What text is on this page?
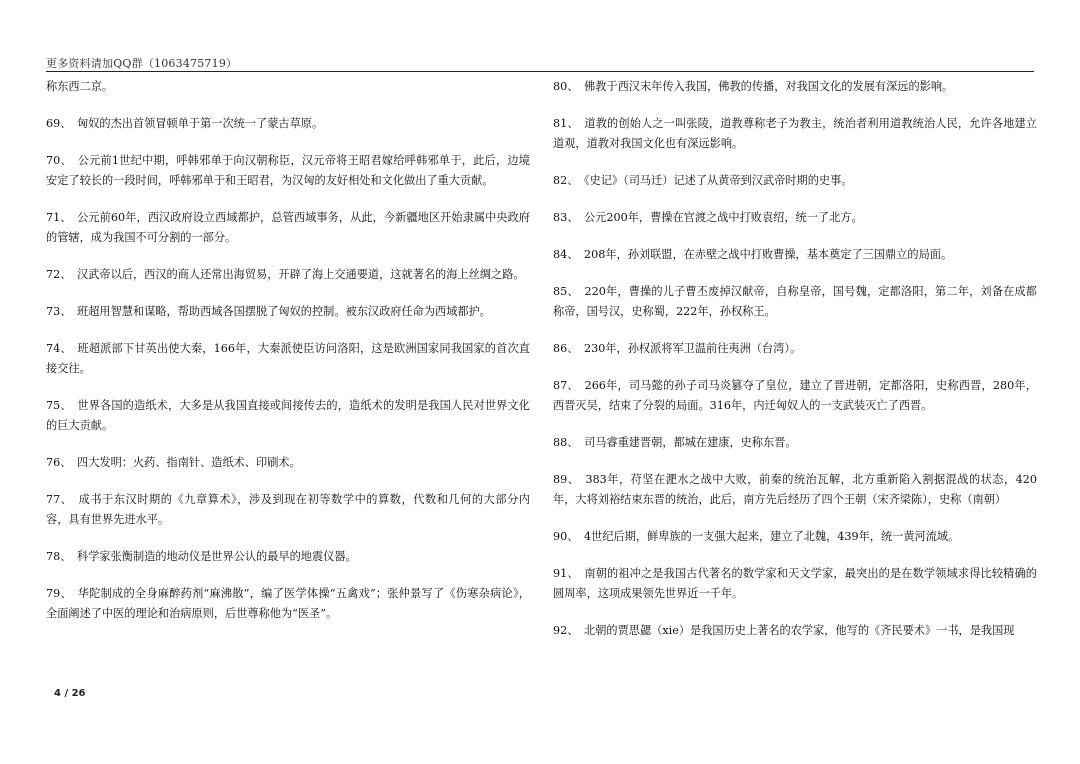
更多资料请加QQ群（1063475719）

称东西二京。

69、　匈奴的杰出首领冒顿单于第一次统一了蒙古草原。

70、　公元前1世纪中期，呼韩邪单于向汉朝称臣，汉元帝将王昭君嫁给呼韩邪单于，此后，边境安定了较长的一段时间，呼韩邪单于和王昭君，为汉匈的友好相处和文化做出了重大贡献。

71、　公元前60年，西汉政府设立西域都护，总管西域事务，从此，今新疆地区开始隶属中央政府的管辖，成为我国不可分割的一部分。

72、　汉武帝以后，西汉的商人还常出海贸易，开辟了海上交通要道，这就著名的海上丝绸之路。

73、　班超用智慧和谋略，帮助西域各国摆脱了匈奴的控制。被东汉政府任命为西域都护。

74、　班超派部下甘英出使大秦，166年，大秦派使臣访问洛阳，这是欧洲国家同我国家的首次直接交往。

75、　世界各国的造纸术，大多是从我国直接或间接传去的，造纸术的发明是我国人民对世界文化的巨大贡献。

76、　四大发明：火药、指南针、造纸术、印刷术。

77、　成书于东汉时期的《九章算术》，涉及到现在初等数学中的算数，代数和几何的大部分内容，具有世界先进水平。

78、　科学家张衡制造的地动仪是世界公认的最早的地震仪器。

79、　华陀制成的全身麻醉药剂“麻沸散”，编了医学体操“五禽戏”；张仲景写了《伤寒杂病论》，全面阐述了中医的理论和治病原则，后世尊称他为“医圣”。

80、　佛教于西汉末年传入我国，佛教的传播，对我国文化的发展有深远的影响。

81、　道教的创始人之一叫张陵，道教尊称老子为教主，统治者利用道教统治人民，允许各地建立道观，道教对我国文化也有深远影响。

82、　《史记》（司马迁）记述了从黄帝到汉武帝时期的史事。

83、　公元200年，曹操在官渡之战中打败袁绍，统一了北方。

84、　208年，孙刘联盟，在赤壁之战中打败曹操，基本奠定了三国鼎立的局面。

85、　220年，曹操的儿子曹丕废掉汉献帝，自称皇帝，国号魏，定都洛阳，第二年，刘备在成都称帝，国号汉，史称蜀，222年，孙权称王。

86、　230年，孙权派将军卫温前往夷洲（台湾）。

87、　266年，司马懿的孙子司马炎篡夺了皇位，建立了晋进朝，定都洛阳，史称西晋，280年，西晋灭吴，结束了分裂的局面。316年，内迁匈奴人的一支武装灭亡了西晋。

88、　司马睿重建晋朝，都城在建康，史称东晋。

89、　383年，苻坚在淝水之战中大败，前秦的统治瓦解，北方重新陷入割据混战的状态，420年，大将刘裕结束东晋的统治，此后，南方先后经历了四个王朝（宋齐梁陈），史称（南朝）

90、　4世纪后期，鲜卑族的一支强大起来，建立了北魏，439年，统一黄河流域。

91、　南朝的祖冲之是我国古代著名的数学家和天文学家，最突出的是在数学领域求得比较精确的圆周率，这项成果领先世界近一千年。

92、　北朝的贾思勰（xie）是我国历史上著名的农学家，他写的《齐民要术》一书，是我国现

4 / 26
